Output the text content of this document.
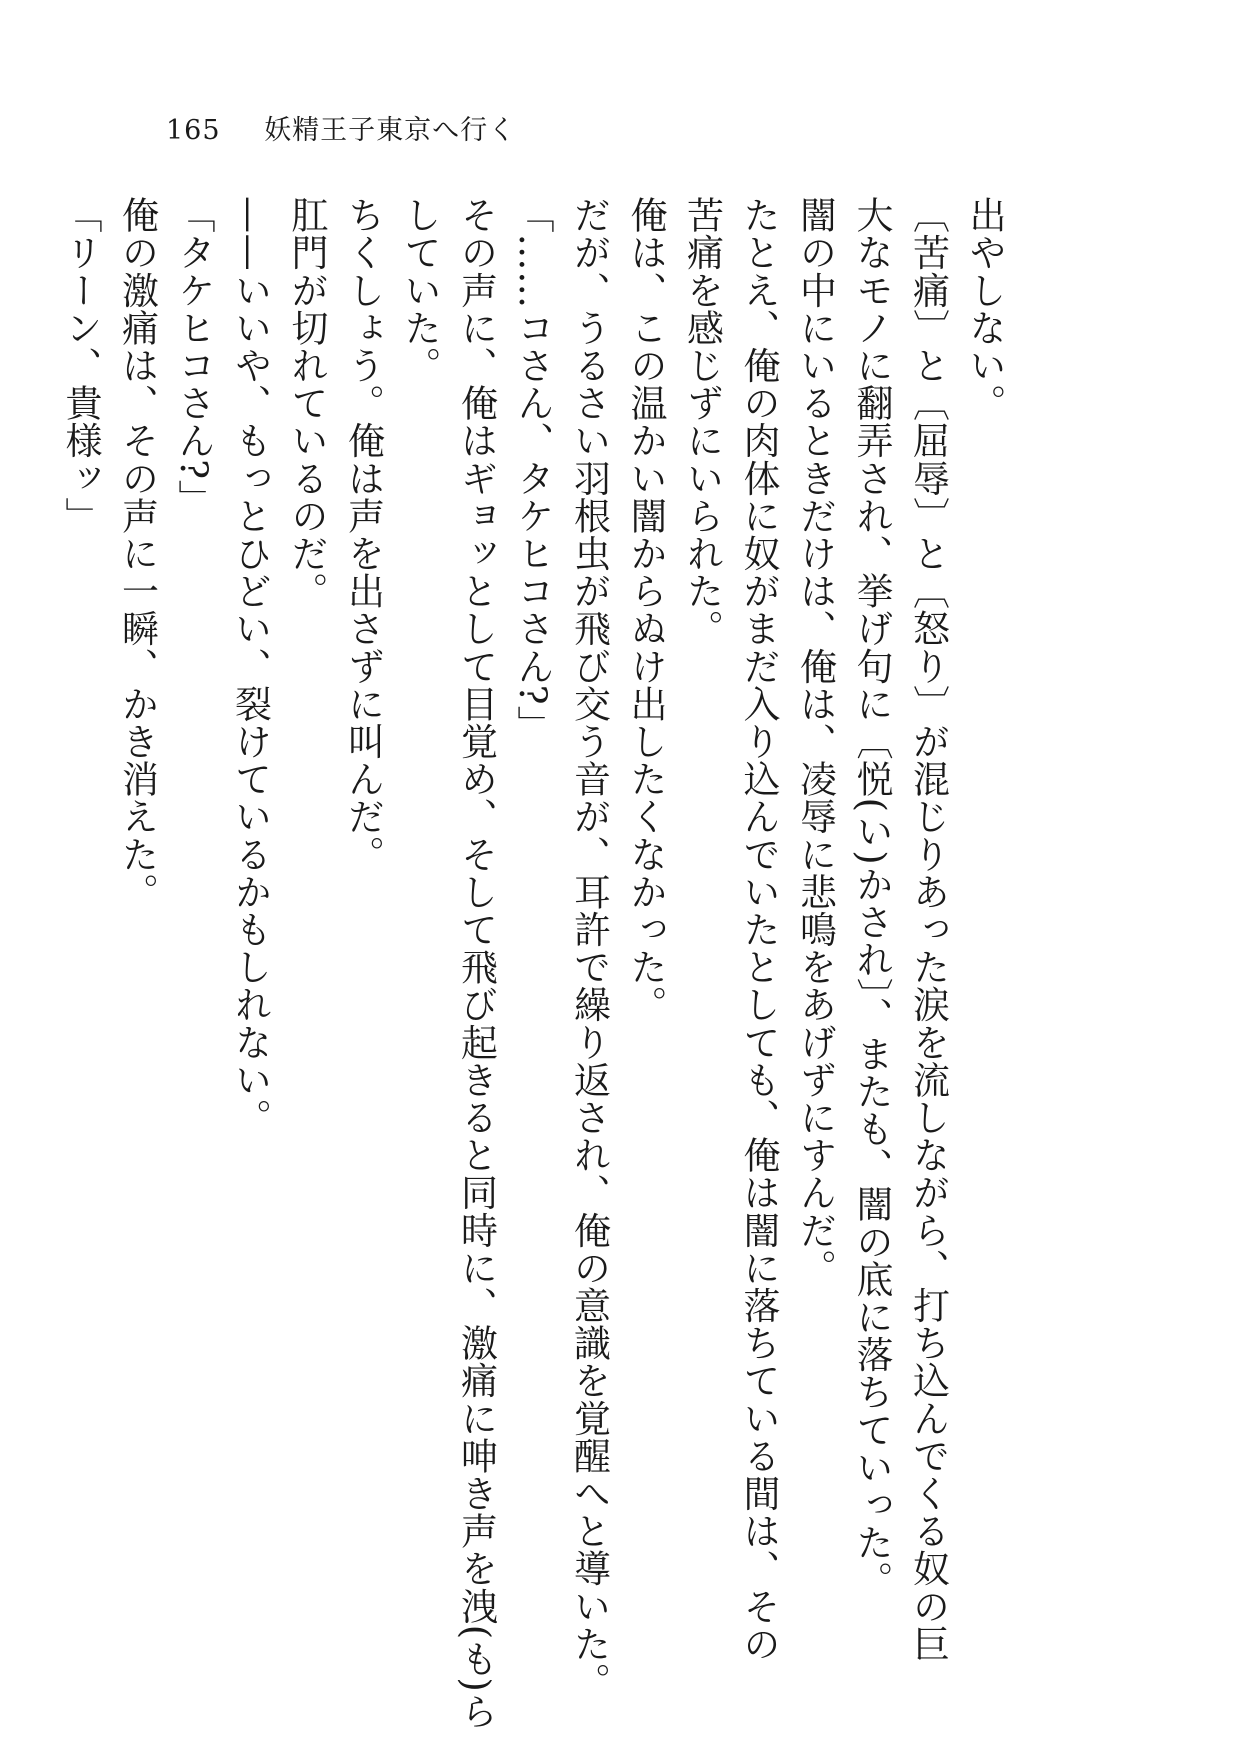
165 妖精王子東京へ行く
出やしない。
〔苦痛〕と〔屈辱〕と〔怒り〕が混じりあった涙を流しながら、打ち込んでくる奴の巨
大なモノに翻弄され、挙げ句に〔悦(い)かされ〕、またも、闇の底に落ちていった。
闇の中にいるときだけは、俺は、凌辱に悲鳴をあげずにすんだ。
たとえ、俺の肉体に奴がまだ入り込んでいたとしても、俺は闇に落ちている間は、その
苦痛を感じずにいられた。
俺は、この温かい闇からぬけ出したくなかった。
だが、うるさい羽根虫が飛び交う音が、耳許で繰り返され、俺の意識を覚醒へと導いた。
「……コさん、タケヒコさん?」
その声に、俺はギョッとして目覚め、そして飛び起きると同時に、激痛に呻き声を洩(も)ら
していた。
ちくしょう。俺は声を出さずに叫んだ。
肛門が切れているのだ。
——いいや、もっとひどい、裂けているかもしれない。
「タケヒコさん?」
俺の激痛は、その声に一瞬、かき消えた。
「リーン、貴様ッ」
